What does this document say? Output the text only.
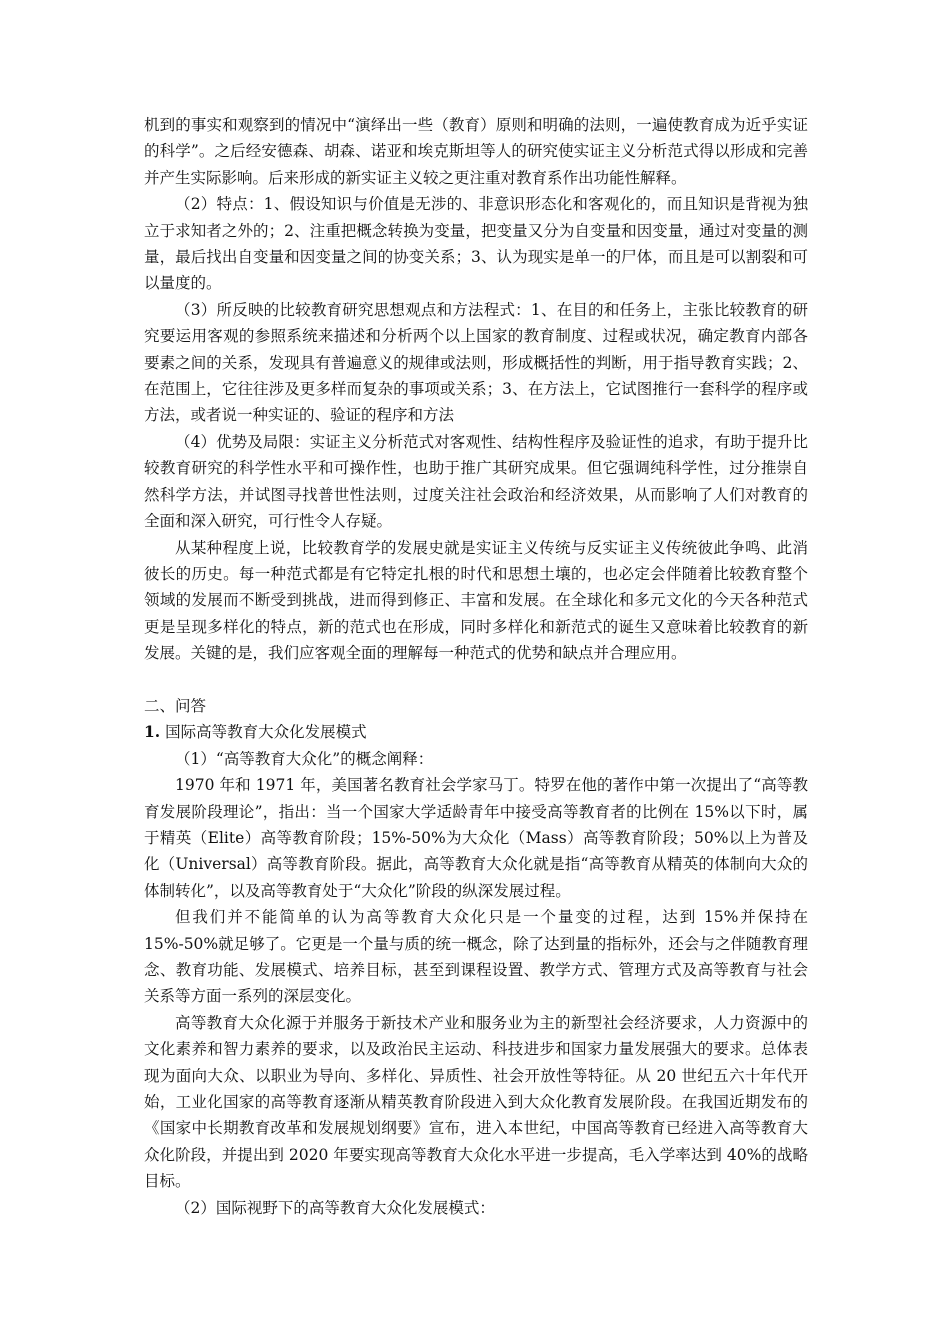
机到的事实和观察到的情况中“演绎出一些（教育）原则和明确的法则，一遍使教育成为近乎实证的科学”。之后经安德森、胡森、诺亚和埃克斯坦等人的研究使实证主义分析范式得以形成和完善并产生实际影响。后来形成的新实证主义较之更注重对教育系作出功能性解释。

（2）特点：1、假设知识与价值是无涉的、非意识形态化和客观化的，而且知识是背视为独立于求知者之外的；2、注重把概念转换为变量，把变量又分为自变量和因变量，通过对变量的测量，最后找出自变量和因变量之间的协变关系；3、认为现实是单一的尸体，而且是可以割裂和可以量度的。

（3）所反映的比较教育研究思想观点和方法程式：1、在目的和任务上，主张比较教育的研究要运用客观的参照系统来描述和分析两个以上国家的教育制度、过程或状况，确定教育内部各要素之间的关系，发现具有普遍意义的规律或法则，形成概括性的判断，用于指导教育实践；2、在范围上，它往往涉及更多样而复杂的事项或关系；3、在方法上，它试图推行一套科学的程序或方法，或者说一种实证的、验证的程序和方法

（4）优势及局限：实证主义分析范式对客观性、结构性程序及验证性的追求，有助于提升比较教育研究的科学性水平和可操作性，也助于推广其研究成果。但它强调纯科学性，过分推崇自然科学方法，并试图寻找普世性法则，过度关注社会政治和经济效果，从而影响了人们对教育的全面和深入研究，可行性令人存疑。

从某种程度上说，比较教育学的发展史就是实证主义传统与反实证主义传统彼此争鸣、此消彼长的历史。每一种范式都是有它特定扎根的时代和思想土壤的，也必定会伴随着比较教育整个领域的发展而不断受到挑战，进而得到修正、丰富和发展。在全球化和多元文化的今天各种范式更是呈现多样化的特点，新的范式也在形成，同时多样化和新范式的诞生又意味着比较教育的新发展。关键的是，我们应客观全面的理解每一种范式的优势和缺点并合理应用。

二、问答

1. 国际高等教育大众化发展模式

（1）“高等教育大众化”的概念阐释：

1970 年和 1971 年，美国著名教育社会学家马丁。特罗在他的著作中第一次提出了“高等教育发展阶段理论”，指出：当一个国家大学适龄青年中接受高等教育者的比例在 15%以下时，属于精英（Elite）高等教育阶段；15%-50%为大众化（Mass）高等教育阶段；50%以上为普及化（Universal）高等教育阶段。据此，高等教育大众化就是指“高等教育从精英的体制向大众的体制转化”，以及高等教育处于“大众化”阶段的纵深发展过程。

但我们并不能简单的认为高等教育大众化只是一个量变的过程，达到 15%并保持在 15%-50%就足够了。它更是一个量与质的统一概念，除了达到量的指标外，还会与之伴随教育理念、教育功能、发展模式、培养目标，甚至到课程设置、教学方式、管理方式及高等教育与社会关系等方面一系列的深层变化。

高等教育大众化源于并服务于新技术产业和服务业为主的新型社会经济要求，人力资源中的文化素养和智力素养的要求，以及政治民主运动、科技进步和国家力量发展强大的要求。总体表现为面向大众、以职业为导向、多样化、异质性、社会开放性等特征。从 20 世纪五六十年代开始，工业化国家的高等教育逐渐从精英教育阶段进入到大众化教育发展阶段。在我国近期发布的《国家中长期教育改革和发展规划纲要》宣布，进入本世纪，中国高等教育已经进入高等教育大众化阶段，并提出到 2020 年要实现高等教育大众化水平进一步提高，毛入学率达到 40%的战略目标。

（2）国际视野下的高等教育大众化发展模式：
